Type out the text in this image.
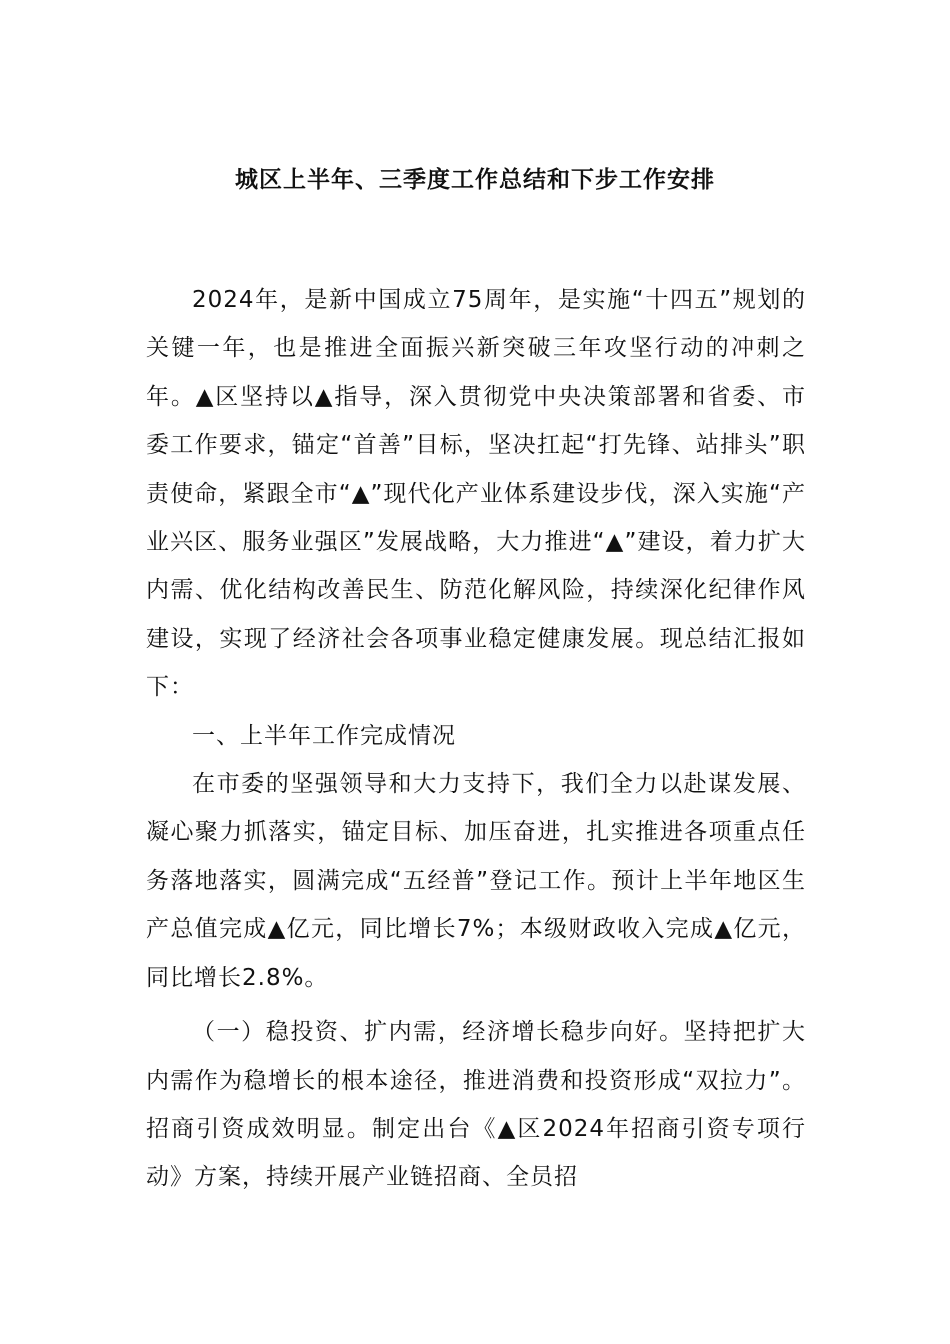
城区上半年、三季度工作总结和下步工作安排

2024年，是新中国成立75周年，是实施“十四五”规划的关键一年，也是推进全面振兴新突破三年攻坚行动的冲刺之年。▲区坚持以▲指导，深入贯彻党中央决策部署和省委、市委工作要求，锚定“首善”目标，坚决扛起“打先锋、站排头”职责使命，紧跟全市“▲”现代化产业体系建设步伐，深入实施“产业兴区、服务业强区”发展战略，大力推进“▲”建设，着力扩大内需、优化结构改善民生、防范化解风险，持续深化纪律作风建设，实现了经济社会各项事业稳定健康发展。现总结汇报如下：

一、上半年工作完成情况

在市委的坚强领导和大力支持下，我们全力以赴谋发展、凝心聚力抓落实，锚定目标、加压奋进，扎实推进各项重点任务落地落实，圆满完成“五经普”登记工作。预计上半年地区生产总值完成▲亿元，同比增长7%；本级财政收入完成▲亿元，同比增长2.8%。

（一）稳投资、扩内需，经济增长稳步向好。坚持把扩大内需作为稳增长的根本途径，推进消费和投资形成“双拉力”。招商引资成效明显。制定出台《▲区2024年招商引资专项行动》方案，持续开展产业链招商、全员招
